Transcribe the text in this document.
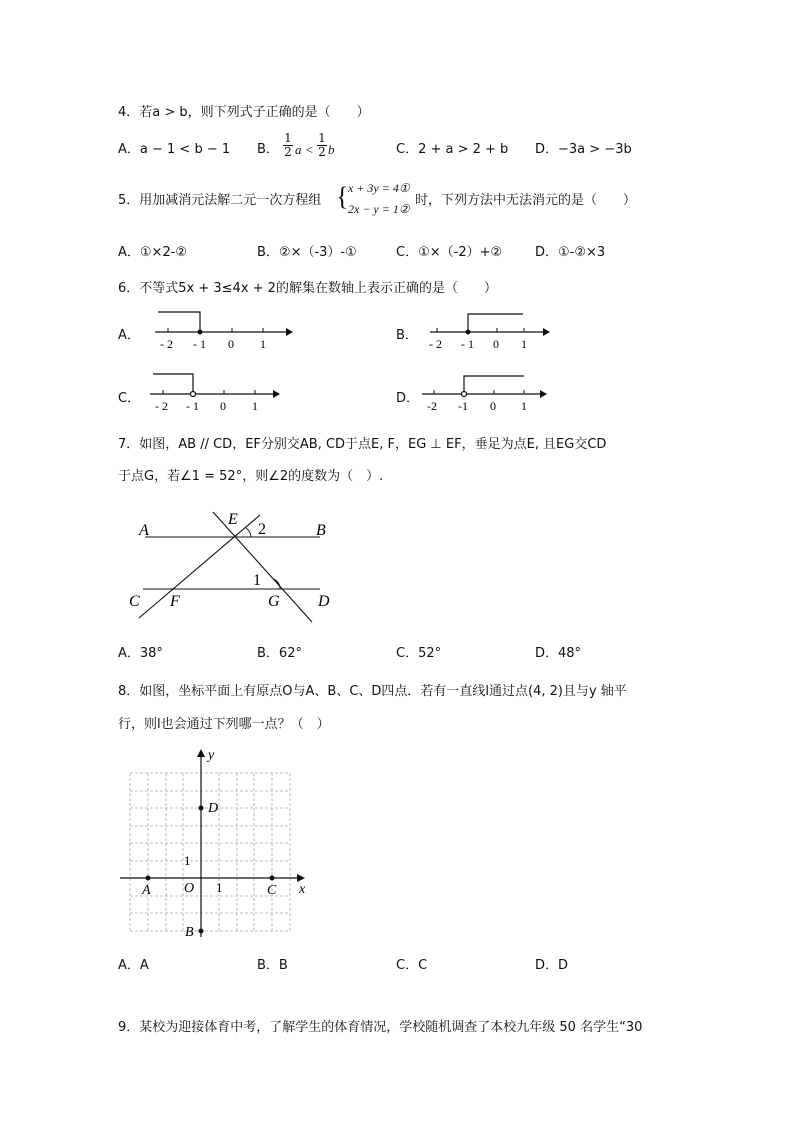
4．若a > b，则下列式子正确的是（　　）
A．a − 1 < b − 1 B． $\frac{1}{2}$ $a < \frac{1}{2}$ b	C．2 + a > 2 + b D．−3a > −3b
5．用加减消元法解二元一次方程组 { x + 3y = 4①
2x − y = 1②
时，下列方法中无法消元的是（　　）
A．①×2-②	B．②×（-3）-①	C．①×（-2）+②	D．①-②×3
6．不等式5x + 3≤4x + 2的解集在数轴上表示正确的是（　　）
A．
- 2 - 1 0 1
B．
- 2 - 1 0 1
C． - 2 - 1 0 1	D． -2 -1 0 1
7．如图，AB // CD，EF分别交AB, CD于点E, F，EG ⊥ EF，垂足为点E, 且EG交CD
于点G，若∠1 = 52°，则∠2的度数为（　）.
A	B
C	D
E
F	G
2
1
A．38°	B．62°	C．52°	D．48°
8．如图，坐标平面上有原点O与A、B、C、D四点．若有一直线l通过点(4, 2)且与y 轴平
行，则l也会通过下列哪一点？（　）
y
x
O
A	C
D
B
1
1
A．A	B．B	C．C	D．D
9．某校为迎接体育中考，了解学生的体育情况，学校随机调查了本校九年级 50 名学生“30
